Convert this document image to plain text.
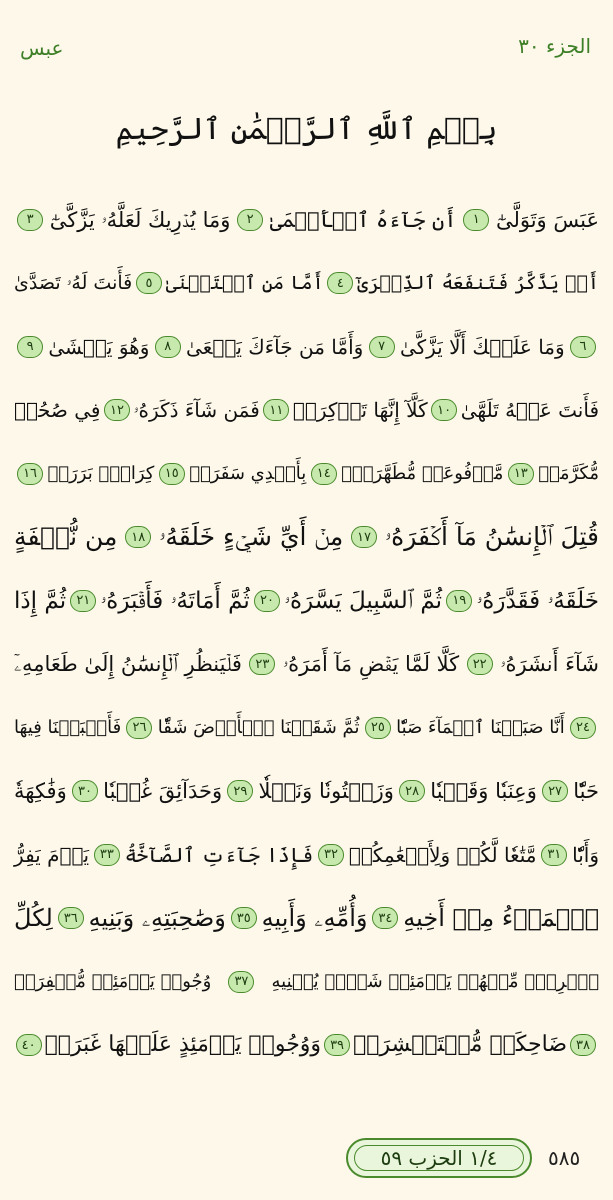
الجزء ٣٠
عبس
بِسۡمِ ٱللَّهِ ٱلرَّحۡمَٰنِ ٱلرَّحِيمِ
عَبَسَ وَتَوَلَّىٰٓ
١
أَن جَآءَهُ ٱلۡأَعۡمَىٰ
٢
وَمَا يُدۡرِيكَ لَعَلَّهُۥ يَزَّكَّىٰٓ
٣
أَوۡ يَذَّكَّرُ فَتَنفَعَهُ ٱلذِّكۡرَىٰٓ
٤
أَمَّا مَنِ ٱسۡتَغۡنَىٰ
٥
فَأَنتَ لَهُۥ تَصَدَّىٰ
٦
وَمَا عَلَيۡكَ أَلَّا يَزَّكَّىٰ
٧
وَأَمَّا مَن جَآءَكَ يَسۡعَىٰ
٨
وَهُوَ يَخۡشَىٰ
٩
فَأَنتَ عَنۡهُ تَلَهَّىٰ
١٠
كَلَّآ إِنَّهَا تَذۡكِرَةٞ
١١
فَمَن شَآءَ ذَكَرَهُۥ
١٢
فِي صُحُفٖ
مُّكَرَّمَةٖ
١٣
مَّرۡفُوعَةٖ مُّطَهَّرَةِۭ
١٤
بِأَيۡدِي سَفَرَةٖ
١٥
كِرَامِۭ بَرَرَةٖ
١٦
قُتِلَ ٱلۡإِنسَٰنُ مَآ أَكۡفَرَهُۥ
١٧
مِنۡ أَيِّ شَيۡءٍ خَلَقَهُۥ
١٨
مِن نُّطۡفَةٍ
خَلَقَهُۥ فَقَدَّرَهُۥ
١٩
ثُمَّ ٱلسَّبِيلَ يَسَّرَهُۥ
٢٠
ثُمَّ أَمَاتَهُۥ فَأَقۡبَرَهُۥ
٢١
ثُمَّ إِذَا
شَآءَ أَنشَرَهُۥ
٢٢
كَلَّا لَمَّا يَقۡضِ مَآ أَمَرَهُۥ
٢٣
فَلۡيَنظُرِ ٱلۡإِنسَٰنُ إِلَىٰ طَعَامِهِۦٓ
٢٤
أَنَّا صَبَبۡنَا ٱلۡمَآءَ صَبّٗا
٢٥
ثُمَّ شَقَقۡنَا ٱلۡأَرۡضَ شَقّٗا
٢٦
فَأَنۢبَتۡنَا فِيهَا
حَبّٗا
٢٧
وَعِنَبٗا وَقَضۡبٗا
٢٨
وَزَيۡتُونٗا وَنَخۡلٗا
٢٩
وَحَدَآئِقَ غُلۡبٗا
٣٠
وَفَٰكِهَةٗ
وَأَبّٗا
٣١
مَّتَٰعٗا لَّكُمۡ وَلِأَنۡعَٰمِكُمۡ
٣٢
فَإِذَا جَآءَتِ ٱلصَّآخَّةُ
٣٣
يَوۡمَ يَفِرُّ
ٱلۡمَرۡءُ مِنۡ أَخِيهِ
٣٤
وَأُمِّهِۦ وَأَبِيهِ
٣٥
وَصَٰحِبَتِهِۦ وَبَنِيهِ
٣٦
لِكُلِّ
ٱمۡرِيٕٖ مِّنۡهُمۡ يَوۡمَئِذٖ شَأۡنٞ يُغۡنِيهِ
٣٧
وُجُوهٞ يَوۡمَئِذٖ مُّسۡفِرَةٞ
٣٨
ضَاحِكَةٞ مُّسۡتَبۡشِرَةٞ
٣٩
وَوُجُوهٞ يَوۡمَئِذٍ عَلَيۡهَا غَبَرَةٞ
٤٠
١/٤ الحزب ٥٩	٥٨٥
